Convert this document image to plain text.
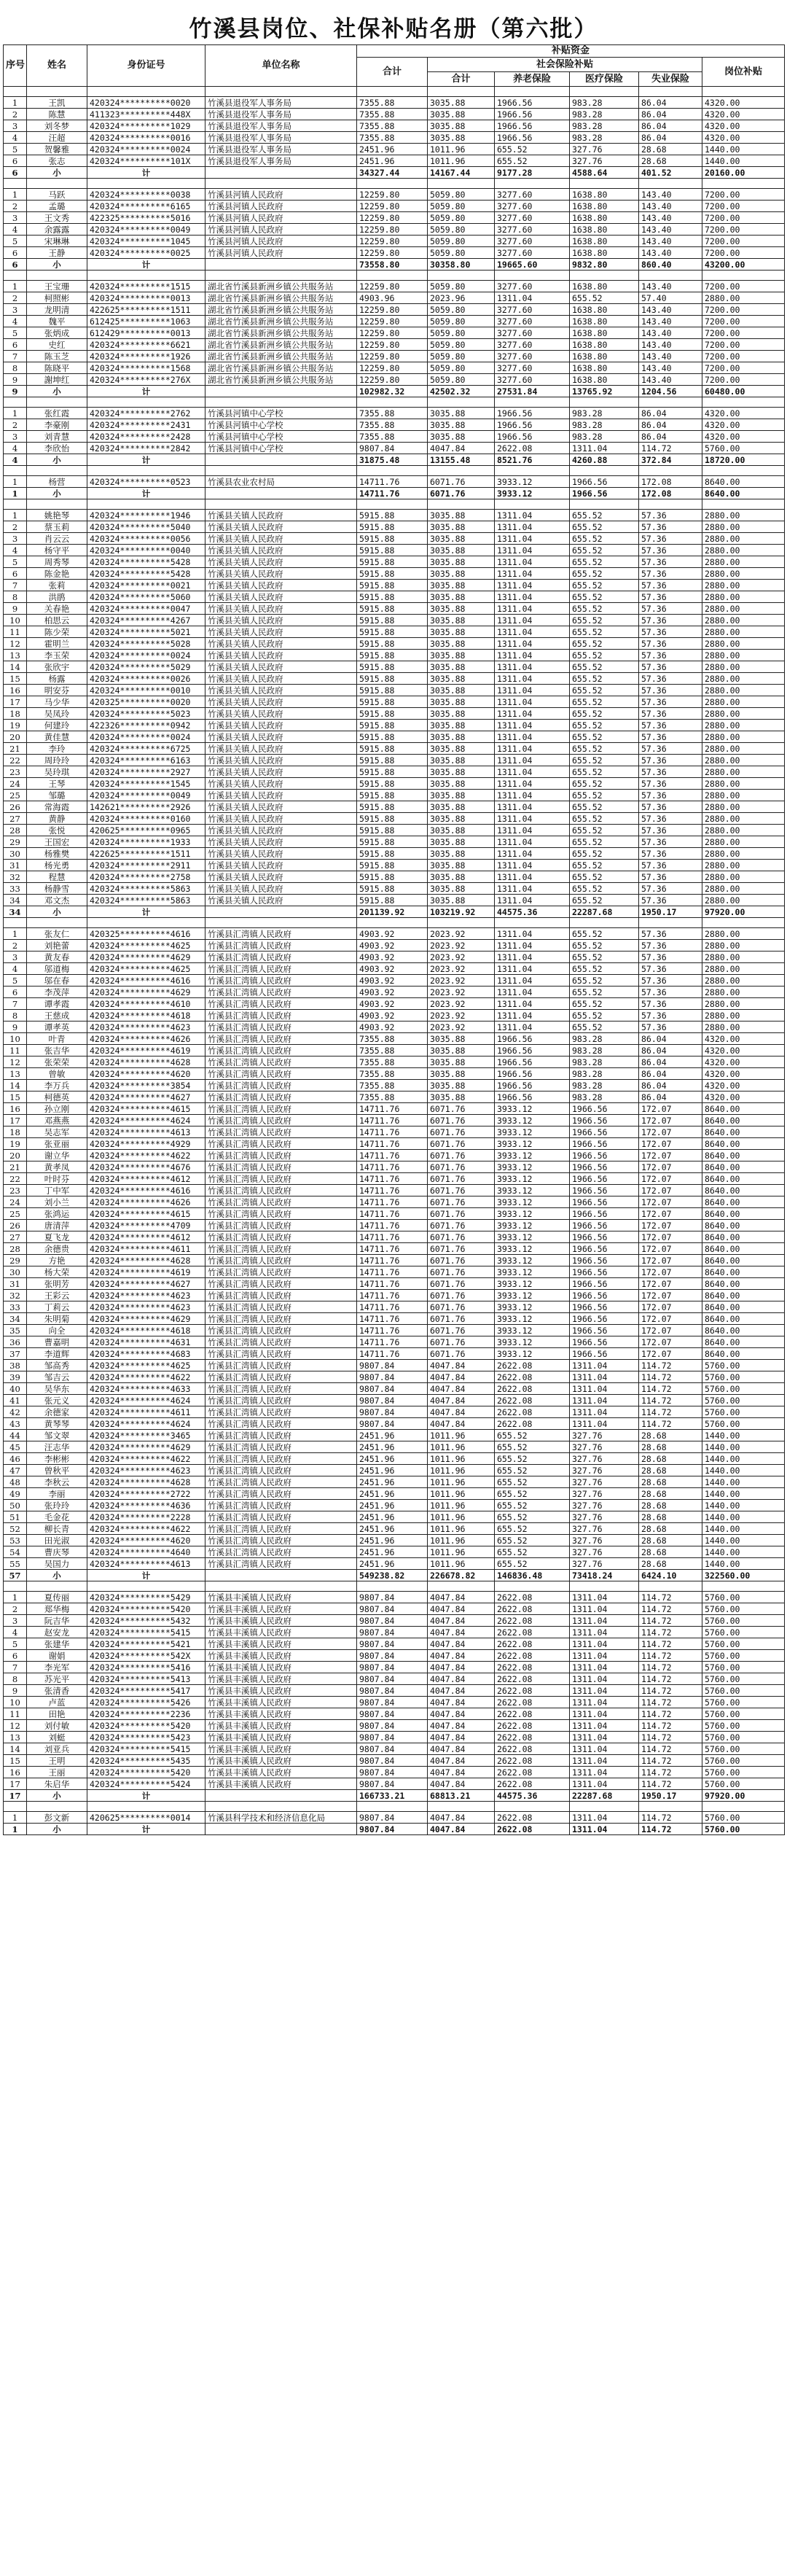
竹溪县岗位、社保补贴名册（第六批）
序号	姓名	身份证号	单位名称	补贴资金					
				合计	社会保险补贴				岗位补贴
					合计	养老保险	医疗保险	失业保险	

1	王凯	420324**********0020	竹溪县退役军人事务局	7355.88	3035.88	1966.56	983.28	86.04	4320.00
2	陈慧	411323**********448X	竹溪县退役军人事务局	7355.88	3035.88	1966.56	983.28	86.04	4320.00
3	刘冬梦	420324**********1029	竹溪县退役军人事务局	7355.88	3035.88	1966.56	983.28	86.04	4320.00
4	汪超	420324**********0016	竹溪县退役军人事务局	7355.88	3035.88	1966.56	983.28	86.04	4320.00
5	贺馨雅	420324**********0024	竹溪县退役军人事务局	2451.96	1011.96	655.52	327.76	28.68	1440.00
6	张志	420324**********101X	竹溪县退役军人事务局	2451.96	1011.96	655.52	327.76	28.68	1440.00
6	小	计		34327.44	14167.44	9177.28	4588.64	401.52	20160.00

1	马跃	420324**********0038	竹溪县河镇人民政府	12259.80	5059.80	3277.60	1638.80	143.40	7200.00
2	孟璐	420324**********6165	竹溪县河镇人民政府	12259.80	5059.80	3277.60	1638.80	143.40	7200.00
3	王文秀	422325**********5016	竹溪县河镇人民政府	12259.80	5059.80	3277.60	1638.80	143.40	7200.00
4	余露露	420324**********0049	竹溪县河镇人民政府	12259.80	5059.80	3277.60	1638.80	143.40	7200.00
5	宋琳琳	420324**********1045	竹溪县河镇人民政府	12259.80	5059.80	3277.60	1638.80	143.40	7200.00
6	王静	420324**********0025	竹溪县河镇人民政府	12259.80	5059.80	3277.60	1638.80	143.40	7200.00
6	小	计		73558.80	30358.80	19665.60	9832.80	860.40	43200.00

1	王宝珊	420324**********1515	湖北省竹溪县新洲乡镇公共服务站	12259.80	5059.80	3277.60	1638.80	143.40	7200.00
2	柯照彬	420324**********0013	湖北省竹溪县新洲乡镇公共服务站	4903.96	2023.96	1311.04	655.52	57.40	2880.00
3	龙明清	422625**********1511	湖北省竹溪县新洲乡镇公共服务站	12259.80	5059.80	3277.60	1638.80	143.40	7200.00
4	魏平	612425**********1063	湖北省竹溪县新洲乡镇公共服务站	12259.80	5059.80	3277.60	1638.80	143.40	7200.00
5	张炳成	612429**********0013	湖北省竹溪县新洲乡镇公共服务站	12259.80	5059.80	3277.60	1638.80	143.40	7200.00
6	史红	420324**********6621	湖北省竹溪县新洲乡镇公共服务站	12259.80	5059.80	3277.60	1638.80	143.40	7200.00
7	陈玉芝	420324**********1926	湖北省竹溪县新洲乡镇公共服务站	12259.80	5059.80	3277.60	1638.80	143.40	7200.00
8	陈晓平	420324**********1568	湖北省竹溪县新洲乡镇公共服务站	12259.80	5059.80	3277.60	1638.80	143.40	7200.00
9	謝坤红	420324**********276X	湖北省竹溪县新洲乡镇公共服务站	12259.80	5059.80	3277.60	1638.80	143.40	7200.00
9	小	计		102982.32	42502.32	27531.84	13765.92	1204.56	60480.00

1	张红霞	420324**********2762	竹溪县河镇中心学校	7355.88	3035.88	1966.56	983.28	86.04	4320.00
2	李豪刚	420324**********2431	竹溪县河镇中心学校	7355.88	3035.88	1966.56	983.28	86.04	4320.00
3	刘青慧	420324**********2428	竹溪县河镇中心学校	7355.88	3035.88	1966.56	983.28	86.04	4320.00
4	李欣怡	420324**********2842	竹溪县河镇中心学校	9807.84	4047.84	2622.08	1311.04	114.72	5760.00
4	小	计		31875.48	13155.48	8521.76	4260.88	372.84	18720.00

1	杨营	420324**********0523	竹溪县农业农村局	14711.76	6071.76	3933.12	1966.56	172.08	8640.00
1	小	计		14711.76	6071.76	3933.12	1966.56	172.08	8640.00

1	姚艳琴	420324**********1946	竹溪县关镇人民政府	5915.88	3035.88	1311.04	655.52	57.36	2880.00
2	蔡玉莉	420324**********5040	竹溪县关镇人民政府	5915.88	3035.88	1311.04	655.52	57.36	2880.00
3	肖云云	420324**********0056	竹溪县关镇人民政府	5915.88	3035.88	1311.04	655.52	57.36	2880.00
4	杨守平	420324**********0040	竹溪县关镇人民政府	5915.88	3035.88	1311.04	655.52	57.36	2880.00
5	周秀琴	420324**********5428	竹溪县关镇人民政府	5915.88	3035.88	1311.04	655.52	57.36	2880.00
6	陈金艳	420324**********5428	竹溪县关镇人民政府	5915.88	3035.88	1311.04	655.52	57.36	2880.00
7	张莉	420324**********0021	竹溪县关镇人民政府	5915.88	3035.88	1311.04	655.52	57.36	2880.00
8	洪鹃	420324**********5060	竹溪县关镇人民政府	5915.88	3035.88	1311.04	655.52	57.36	2880.00
9	关春艳	420324**********0047	竹溪县关镇人民政府	5915.88	3035.88	1311.04	655.52	57.36	2880.00
10	柏思云	420324**********4267	竹溪县关镇人民政府	5915.88	3035.88	1311.04	655.52	57.36	2880.00
11	陈少荣	420324**********5021	竹溪县关镇人民政府	5915.88	3035.88	1311.04	655.52	57.36	2880.00
12	霍明兰	420324**********5028	竹溪县关镇人民政府	5915.88	3035.88	1311.04	655.52	57.36	2880.00
13	李玉荣	420324**********0024	竹溪县关镇人民政府	5915.88	3035.88	1311.04	655.52	57.36	2880.00
14	张欣宇	420324**********5029	竹溪县关镇人民政府	5915.88	3035.88	1311.04	655.52	57.36	2880.00
15	杨露	420324**********0026	竹溪县关镇人民政府	5915.88	3035.88	1311.04	655.52	57.36	2880.00
16	明安芬	420324**********0010	竹溪县关镇人民政府	5915.88	3035.88	1311.04	655.52	57.36	2880.00
17	马少华	420325**********0020	竹溪县关镇人民政府	5915.88	3035.88	1311.04	655.52	57.36	2880.00
18	吴凤玲	420324**********5023	竹溪县关镇人民政府	5915.88	3035.88	1311.04	655.52	57.36	2880.00
19	何建玲	422326**********0942	竹溪县关镇人民政府	5915.88	3035.88	1311.04	655.52	57.36	2880.00
20	黄佳慧	420324**********0024	竹溪县关镇人民政府	5915.88	3035.88	1311.04	655.52	57.36	2880.00
21	李玲	420324**********6725	竹溪县关镇人民政府	5915.88	3035.88	1311.04	655.52	57.36	2880.00
22	周玲玲	420324**********6163	竹溪县关镇人民政府	5915.88	3035.88	1311.04	655.52	57.36	2880.00
23	吴玲琪	420324**********2927	竹溪县关镇人民政府	5915.88	3035.88	1311.04	655.52	57.36	2880.00
24	王琴	420324**********1545	竹溪县关镇人民政府	5915.88	3035.88	1311.04	655.52	57.36	2880.00
25	邹璐	420324**********0049	竹溪县关镇人民政府	5915.88	3035.88	1311.04	655.52	57.36	2880.00
26	常海霞	142621**********2926	竹溪县关镇人民政府	5915.88	3035.88	1311.04	655.52	57.36	2880.00
27	黄静	420324**********0160	竹溪县关镇人民政府	5915.88	3035.88	1311.04	655.52	57.36	2880.00
28	张悦	420625**********0965	竹溪县关镇人民政府	5915.88	3035.88	1311.04	655.52	57.36	2880.00
29	王国宏	420324**********1933	竹溪县关镇人民政府	5915.88	3035.88	1311.04	655.52	57.36	2880.00
30	杨雅樊	422625**********1511	竹溪县关镇人民政府	5915.88	3035.88	1311.04	655.52	57.36	2880.00
31	杨光勇	420324**********2911	竹溪县关镇人民政府	5915.88	3035.88	1311.04	655.52	57.36	2880.00
32	程慧	420324**********2758	竹溪县关镇人民政府	5915.88	3035.88	1311.04	655.52	57.36	2880.00
33	杨静雪	420324**********5863	竹溪县关镇人民政府	5915.88	3035.88	1311.04	655.52	57.36	2880.00
34	邓文杰	420324**********5863	竹溪县关镇人民政府	5915.88	3035.88	1311.04	655.52	57.36	2880.00
34	小	计		201139.92	103219.92	44575.36	22287.68	1950.17	97920.00

1	张友仁	420325**********4616	竹溪县汇湾镇人民政府	4903.92	2023.92	1311.04	655.52	57.36	2880.00
2	刘艳蕾	420324**********4625	竹溪县汇湾镇人民政府	4903.92	2023.92	1311.04	655.52	57.36	2880.00
3	黄友春	420324**********4629	竹溪县汇湾镇人民政府	4903.92	2023.92	1311.04	655.52	57.36	2880.00
4	邬道梅	420324**********4625	竹溪县汇湾镇人民政府	4903.92	2023.92	1311.04	655.52	57.36	2880.00
5	邬在春	420324**********4616	竹溪县汇湾镇人民政府	4903.92	2023.92	1311.04	655.52	57.36	2880.00
6	李茂萍	420324**********4629	竹溪县汇湾镇人民政府	4903.92	2023.92	1311.04	655.52	57.36	2880.00
7	谭孝霞	420324**********4610	竹溪县汇湾镇人民政府	4903.92	2023.92	1311.04	655.52	57.36	2880.00
8	王慈成	420324**********4618	竹溪县汇湾镇人民政府	4903.92	2023.92	1311.04	655.52	57.36	2880.00
9	谭孝英	420324**********4623	竹溪县汇湾镇人民政府	4903.92	2023.92	1311.04	655.52	57.36	2880.00
10	叶青	420324**********4626	竹溪县汇湾镇人民政府	7355.88	3035.88	1966.56	983.28	86.04	4320.00
11	张吉华	420324**********4619	竹溪县汇湾镇人民政府	7355.88	3035.88	1966.56	983.28	86.04	4320.00
12	张荣荣	420324**********4628	竹溪县汇湾镇人民政府	7355.88	3035.88	1966.56	983.28	86.04	4320.00
13	曾敏	420324**********4620	竹溪县汇湾镇人民政府	7355.88	3035.88	1966.56	983.28	86.04	4320.00
14	李万兵	420324**********3854	竹溪县汇湾镇人民政府	7355.88	3035.88	1966.56	983.28	86.04	4320.00
15	柯德英	420324**********4627	竹溪县汇湾镇人民政府	7355.88	3035.88	1966.56	983.28	86.04	4320.00
16	孙立刚	420324**********4615	竹溪县汇湾镇人民政府	14711.76	6071.76	3933.12	1966.56	172.07	8640.00
17	邓燕燕	420324**********4624	竹溪县汇湾镇人民政府	14711.76	6071.76	3933.12	1966.56	172.07	8640.00
18	吴志军	420324**********4613	竹溪县汇湾镇人民政府	14711.76	6071.76	3933.12	1966.56	172.07	8640.00
19	张亚丽	420324**********4929	竹溪县汇湾镇人民政府	14711.76	6071.76	3933.12	1966.56	172.07	8640.00
20	谢立华	420324**********4622	竹溪县汇湾镇人民政府	14711.76	6071.76	3933.12	1966.56	172.07	8640.00
21	黄孝凤	420324**********4676	竹溪县汇湾镇人民政府	14711.76	6071.76	3933.12	1966.56	172.07	8640.00
22	叶时芬	420324**********4612	竹溪县汇湾镇人民政府	14711.76	6071.76	3933.12	1966.56	172.07	8640.00
23	丁中军	420324**********4616	竹溪县汇湾镇人民政府	14711.76	6071.76	3933.12	1966.56	172.07	8640.00
24	刘小兰	420324**********4626	竹溪县汇湾镇人民政府	14711.76	6071.76	3933.12	1966.56	172.07	8640.00
25	张鸿运	420324**********4615	竹溪县汇湾镇人民政府	14711.76	6071.76	3933.12	1966.56	172.07	8640.00
26	唐清萍	420324**********4709	竹溪县汇湾镇人民政府	14711.76	6071.76	3933.12	1966.56	172.07	8640.00
27	夏飞龙	420324**********4612	竹溪县汇湾镇人民政府	14711.76	6071.76	3933.12	1966.56	172.07	8640.00
28	余德贵	420324**********4611	竹溪县汇湾镇人民政府	14711.76	6071.76	3933.12	1966.56	172.07	8640.00
29	方艳	420324**********4628	竹溪县汇湾镇人民政府	14711.76	6071.76	3933.12	1966.56	172.07	8640.00
30	杨大荣	420324**********4619	竹溪县汇湾镇人民政府	14711.76	6071.76	3933.12	1966.56	172.07	8640.00
31	张明芳	420324**********4627	竹溪县汇湾镇人民政府	14711.76	6071.76	3933.12	1966.56	172.07	8640.00
32	王彩云	420324**********4623	竹溪县汇湾镇人民政府	14711.76	6071.76	3933.12	1966.56	172.07	8640.00
33	丁莉云	420324**********4623	竹溪县汇湾镇人民政府	14711.76	6071.76	3933.12	1966.56	172.07	8640.00
34	朱明菊	420324**********4629	竹溪县汇湾镇人民政府	14711.76	6071.76	3933.12	1966.56	172.07	8640.00
35	向全	420324**********4618	竹溪县汇湾镇人民政府	14711.76	6071.76	3933.12	1966.56	172.07	8640.00
36	曹嘉明	420324**********4631	竹溪县汇湾镇人民政府	14711.76	6071.76	3933.12	1966.56	172.07	8640.00
37	李道辉	420324**********4683	竹溪县汇湾镇人民政府	14711.76	6071.76	3933.12	1966.56	172.07	8640.00
38	邹高秀	420324**********4625	竹溪县汇湾镇人民政府	9807.84	4047.84	2622.08	1311.04	114.72	5760.00
39	邹吉云	420324**********4622	竹溪县汇湾镇人民政府	9807.84	4047.84	2622.08	1311.04	114.72	5760.00
40	吴华东	420324**********4633	竹溪县汇湾镇人民政府	9807.84	4047.84	2622.08	1311.04	114.72	5760.00
41	张元义	420324**********4624	竹溪县汇湾镇人民政府	9807.84	4047.84	2622.08	1311.04	114.72	5760.00
42	余德家	420324**********4611	竹溪县汇湾镇人民政府	9807.84	4047.84	2622.08	1311.04	114.72	5760.00
43	黄琴琴	420324**********4624	竹溪县汇湾镇人民政府	9807.84	4047.84	2622.08	1311.04	114.72	5760.00
44	邹文翠	420324**********3465	竹溪县汇湾镇人民政府	2451.96	1011.96	655.52	327.76	28.68	1440.00
45	汪志华	420324**********4629	竹溪县汇湾镇人民政府	2451.96	1011.96	655.52	327.76	28.68	1440.00
46	李彬彬	420324**********4622	竹溪县汇湾镇人民政府	2451.96	1011.96	655.52	327.76	28.68	1440.00
47	曾秋平	420324**********4623	竹溪县汇湾镇人民政府	2451.96	1011.96	655.52	327.76	28.68	1440.00
48	李秋云	420324**********4628	竹溪县汇湾镇人民政府	2451.96	1011.96	655.52	327.76	28.68	1440.00
49	李丽	420324**********2722	竹溪县汇湾镇人民政府	2451.96	1011.96	655.52	327.76	28.68	1440.00
50	张玲玲	420324**********4636	竹溪县汇湾镇人民政府	2451.96	1011.96	655.52	327.76	28.68	1440.00
51	毛金花	420324**********2228	竹溪县汇湾镇人民政府	2451.96	1011.96	655.52	327.76	28.68	1440.00
52	柳长青	420324**********4622	竹溪县汇湾镇人民政府	2451.96	1011.96	655.52	327.76	28.68	1440.00
53	田光淑	420324**********4620	竹溪县汇湾镇人民政府	2451.96	1011.96	655.52	327.76	28.68	1440.00
54	曹庆琴	420324**********4640	竹溪县汇湾镇人民政府	2451.96	1011.96	655.52	327.76	28.68	1440.00
55	吴国力	420324**********4613	竹溪县汇湾镇人民政府	2451.96	1011.96	655.52	327.76	28.68	1440.00
57	小	计		549238.82	226678.82	146836.48	73418.24	6424.10	322560.00

1	夏传丽	420324**********5429	竹溪县丰溪镇人民政府	9807.84	4047.84	2622.08	1311.04	114.72	5760.00
2	郑华梅	420324**********5420	竹溪县丰溪镇人民政府	9807.84	4047.84	2622.08	1311.04	114.72	5760.00
3	阮吉华	420324**********5432	竹溪县丰溪镇人民政府	9807.84	4047.84	2622.08	1311.04	114.72	5760.00
4	赵安龙	420324**********5415	竹溪县丰溪镇人民政府	9807.84	4047.84	2622.08	1311.04	114.72	5760.00
5	张建华	420324**********5421	竹溪县丰溪镇人民政府	9807.84	4047.84	2622.08	1311.04	114.72	5760.00
6	谢娟	420324**********542X	竹溪县丰溪镇人民政府	9807.84	4047.84	2622.08	1311.04	114.72	5760.00
7	李光军	420324**********5416	竹溪县丰溪镇人民政府	9807.84	4047.84	2622.08	1311.04	114.72	5760.00
8	苏光平	420324**********5413	竹溪县丰溪镇人民政府	9807.84	4047.84	2622.08	1311.04	114.72	5760.00
9	张清香	420324**********5417	竹溪县丰溪镇人民政府	9807.84	4047.84	2622.08	1311.04	114.72	5760.00
10	卢蓝	420324**********5426	竹溪县丰溪镇人民政府	9807.84	4047.84	2622.08	1311.04	114.72	5760.00
11	田艳	420324**********2236	竹溪县丰溪镇人民政府	9807.84	4047.84	2622.08	1311.04	114.72	5760.00
12	刘付敏	420324**********5420	竹溪县丰溪镇人民政府	9807.84	4047.84	2622.08	1311.04	114.72	5760.00
13	刘蜓	420324**********5423	竹溪县丰溪镇人民政府	9807.84	4047.84	2622.08	1311.04	114.72	5760.00
14	刘亚兵	420324**********5415	竹溪县丰溪镇人民政府	9807.84	4047.84	2622.08	1311.04	114.72	5760.00
15	王明	420324**********5435	竹溪县丰溪镇人民政府	9807.84	4047.84	2622.08	1311.04	114.72	5760.00
16	王丽	420324**********5420	竹溪县丰溪镇人民政府	9807.84	4047.84	2622.08	1311.04	114.72	5760.00
17	朱启华	420324**********5424	竹溪县丰溪镇人民政府	9807.84	4047.84	2622.08	1311.04	114.72	5760.00
17	小	计		166733.21	68813.21	44575.36	22287.68	1950.17	97920.00

1	彭文新	420625**********0014	竹溪县科学技术和经济信息化局	9807.84	4047.84	2622.08	1311.04	114.72	5760.00
1	小	计		9807.84	4047.84	2622.08	1311.04	114.72	5760.00
